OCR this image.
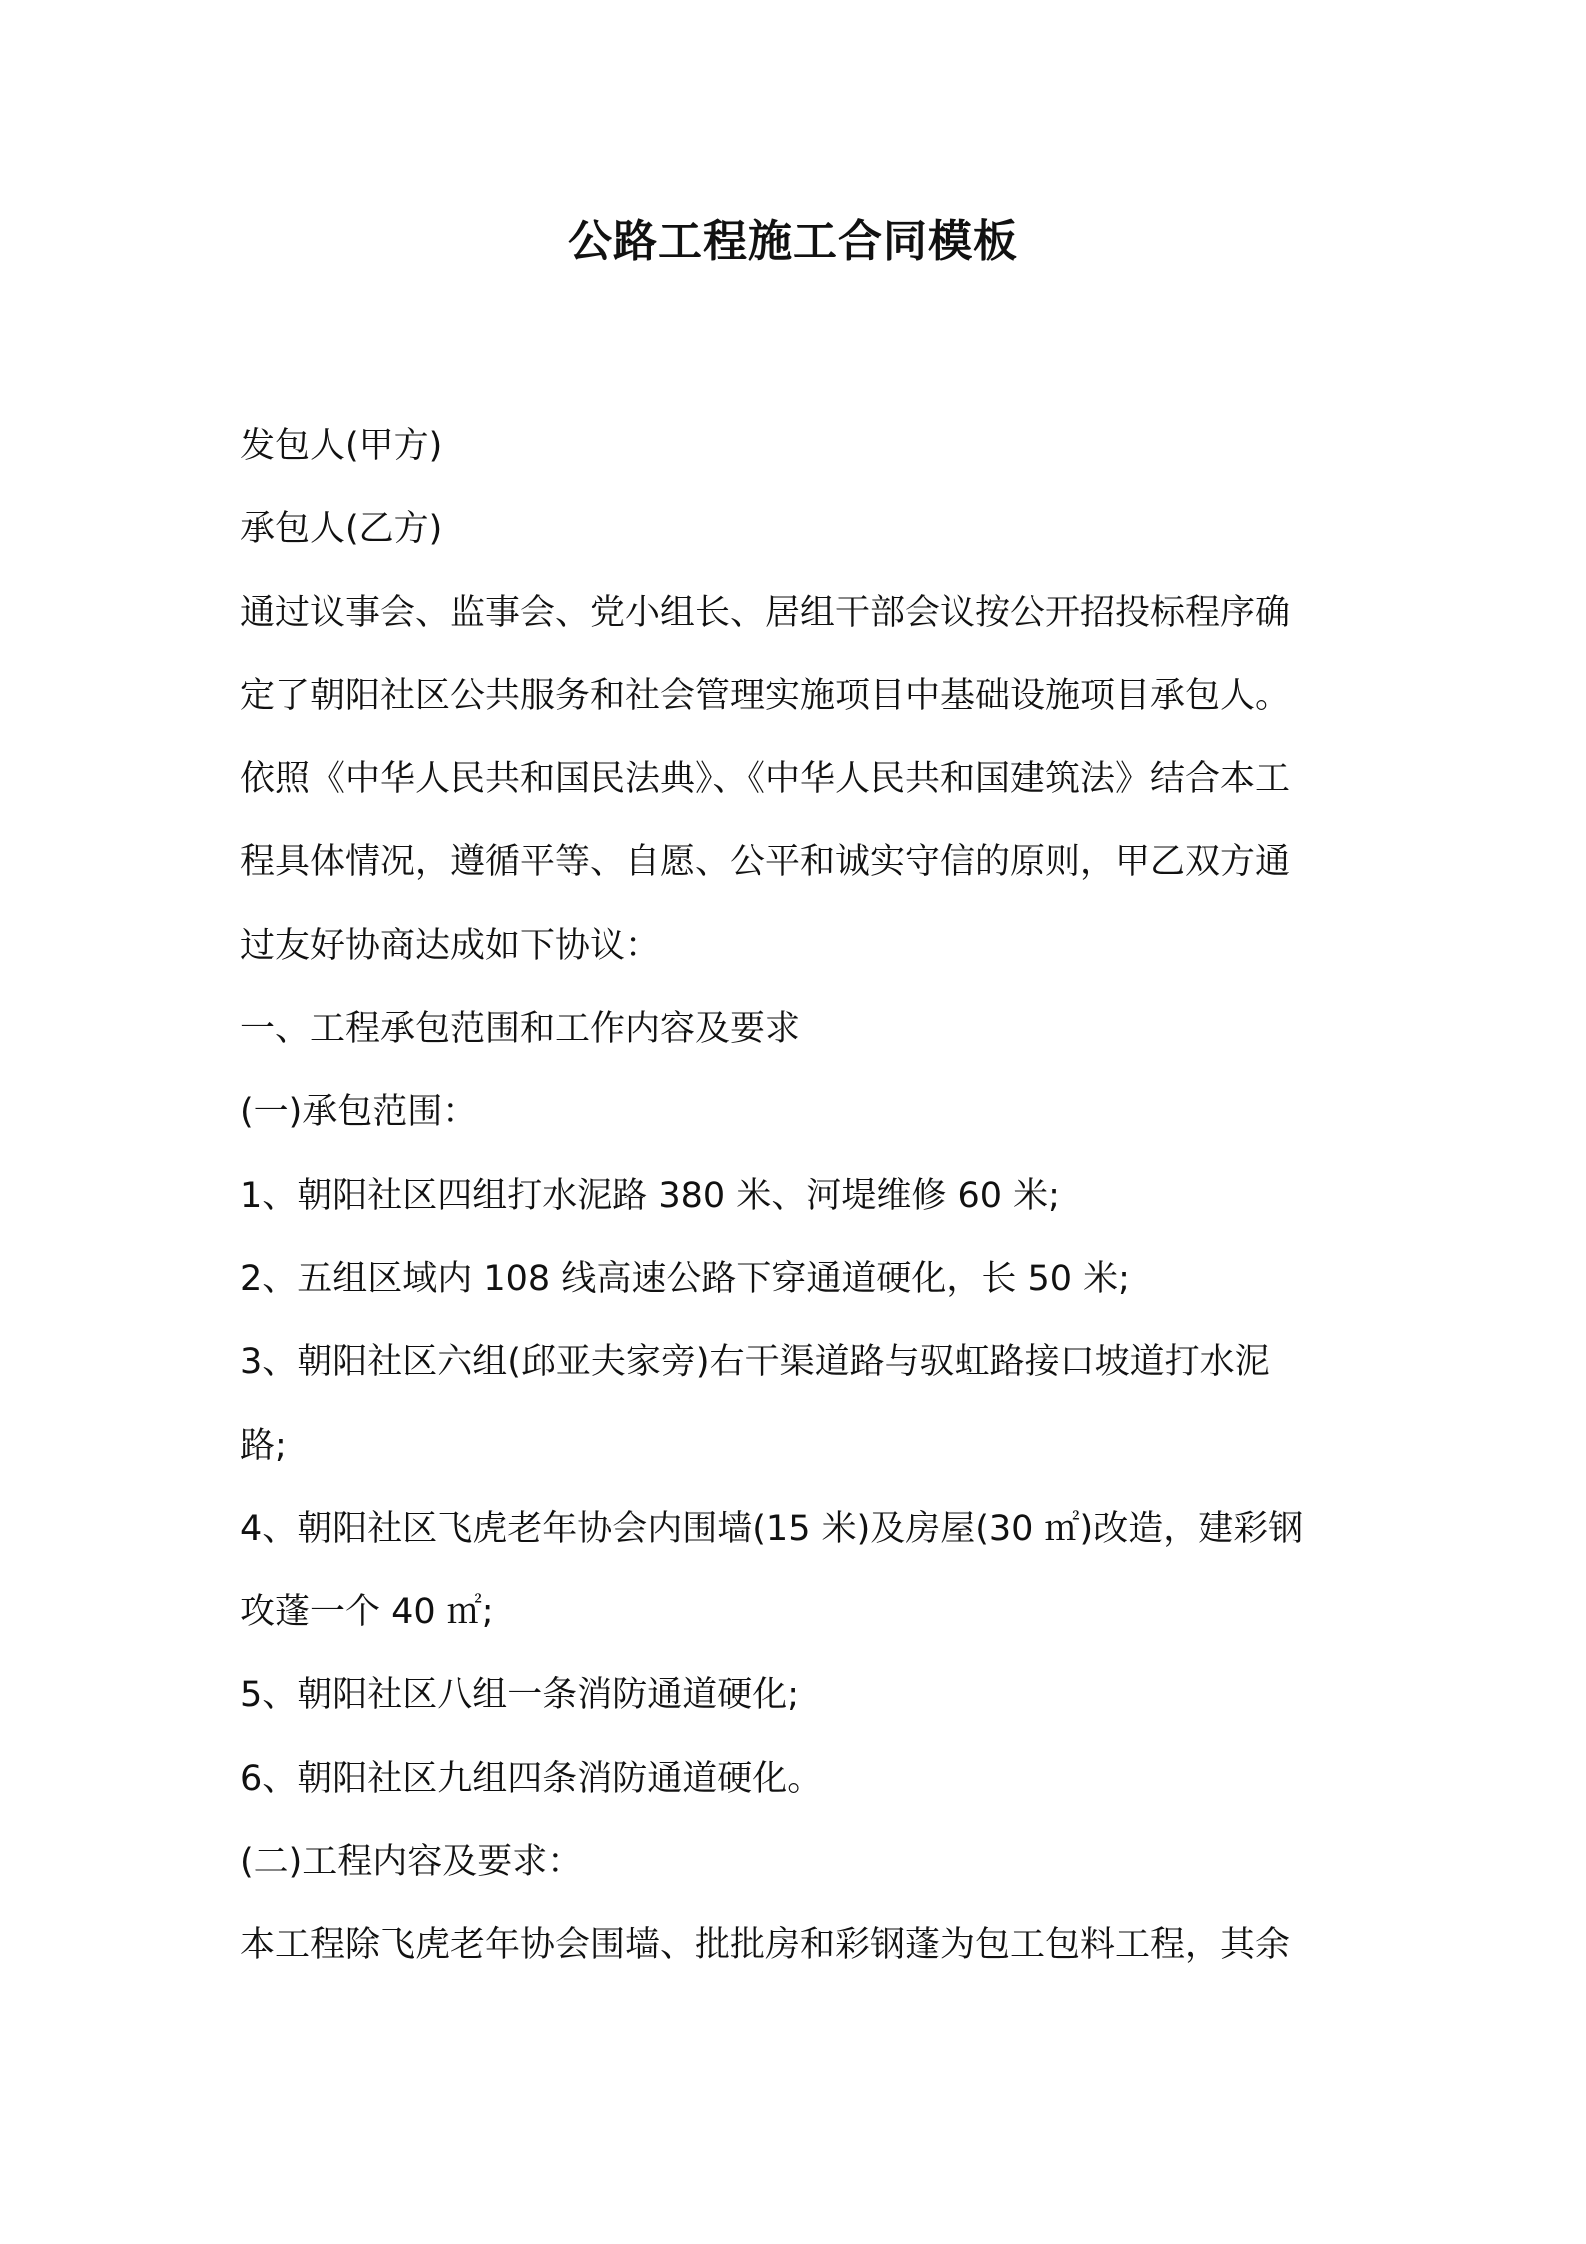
公路工程施工合同模板
发包人(甲方)
承包人(乙方)
通过议事会、监事会、党小组长、居组干部会议按公开招投标程序确
定了朝阳社区公共服务和社会管理实施项目中基础设施项目承包人。
依照《中华人民共和国民法典》、《中华人民共和国建筑法》结合本工
程具体情况，遵循平等、自愿、公平和诚实守信的原则，甲乙双方通
过友好协商达成如下协议：
一、工程承包范围和工作内容及要求
(一)承包范围：
1、朝阳社区四组打水泥路 380 米、河堤维修 60 米;
2、五组区域内 108 线高速公路下穿通道硬化，长 50 米;
3、朝阳社区六组(邱亚夫家旁)右干渠道路与驭虹路接口坡道打水泥
路;
4、朝阳社区飞虎老年协会内围墙(15 米)及房屋(30 ㎡)改造，建彩钢
攻蓬一个 40 ㎡;
5、朝阳社区八组一条消防通道硬化;
6、朝阳社区九组四条消防通道硬化。
(二)工程内容及要求：
本工程除飞虎老年协会围墙、批批房和彩钢蓬为包工包料工程，其余
